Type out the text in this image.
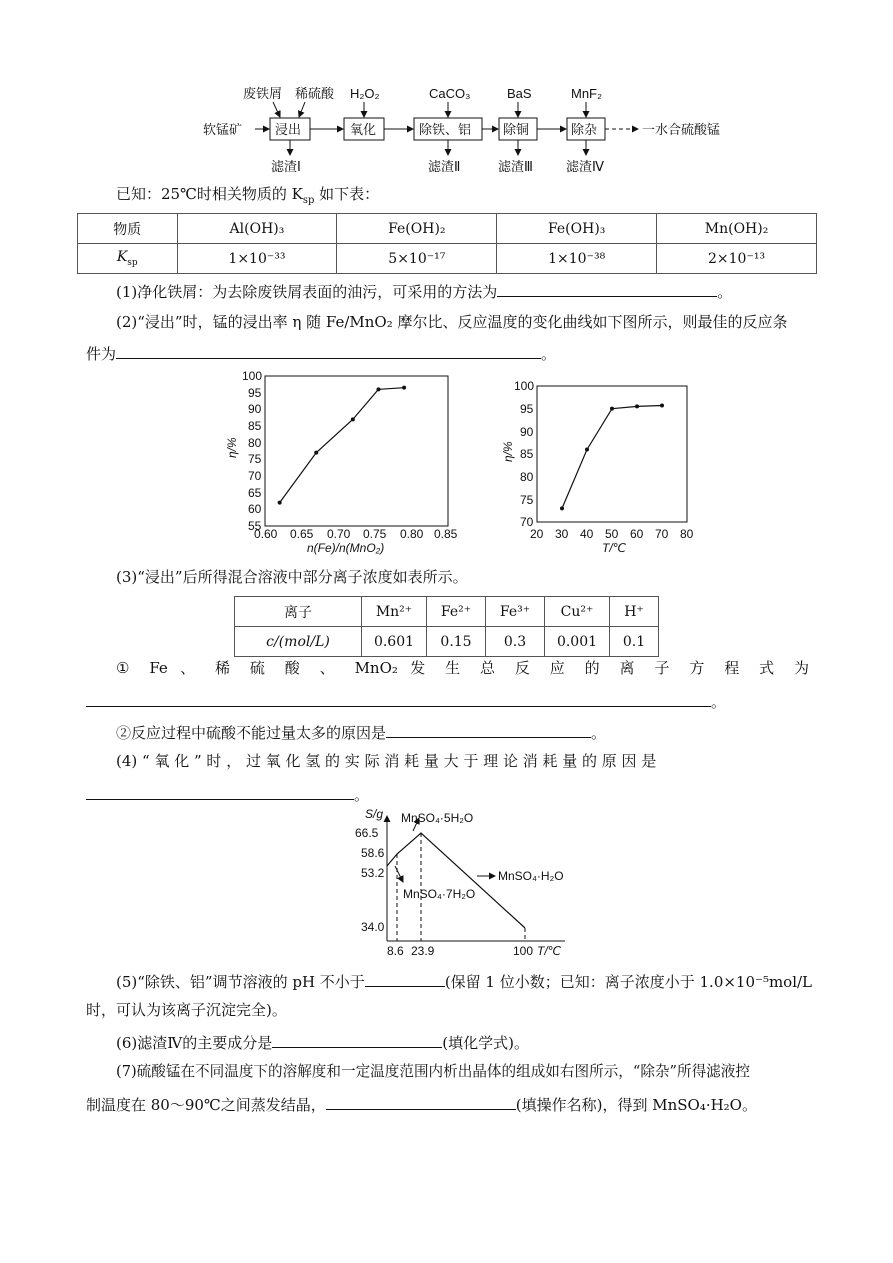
软锰矿	浸出	氧化	除铁、铝 除铜	除杂	一水合硫酸锰
废铁屑 稀硫酸 H₂O₂	CaCO₃	BaS	MnF₂
滤渣Ⅰ	滤渣Ⅱ	滤渣Ⅲ	滤渣Ⅳ
已知：25℃时相关物质的 $K_{sp}$ 如下表：
物质	Al(OH)₃	Fe(OH)₂	Fe(OH)₃	Mn(OH)₂
$K_{sp}$	1×10⁻³³	5×10⁻¹⁷	1×10⁻³⁸	2×10⁻¹³
(1)净化铁屑：为去除废铁屑表面的油污，可采用的方法为	。
(2)“浸出”时，锰的浸出率 η 随 Fe/MnO₂ 摩尔比、反应温度的变化曲线如下图所示，则最佳的反应条
件为	。
100
95
90
85
80
75
70
65
60
55
0.60 0.65 0.70 0.75 0.80 0.85
n(Fe)/n(MnO₂)
η/%
100
95
90
85
80
75
70
20 30 40 50 60 70 80
T/℃
η/%
(3)“浸出”后所得混合溶液中部分离子浓度如表所示。
离子	Mn²⁺	Fe²⁺	Fe³⁺	Cu²⁺	H⁺
c/(mol/L)	0.601	0.15	0.3	0.001	0.1
① Fe 、 稀 硫 酸 、 MnO₂ 发 生 总 反 应 的 离 子 方 程 式 为
。
②反应过程中硫酸不能过量太多的原因是	。
(4) “ 氧 化 ” 时 ， 过 氧 化 氢 的 实 际 消 耗 量 大 于 理 论 消 耗 量 的 原 因 是
。
S/g
66.5
58.6
53.2
34.0
8.6 23.9	100 T/℃
MnSO₄·5H₂O
MnSO₄·7H₂O
MnSO₄·H₂O
(5)“除铁、铝”调节溶液的 pH 不小于	(保留 1 位小数；已知：离子浓度小于 1.0×10⁻⁵mol/L
时，可认为该离子沉淀完全)。
(6)滤渣Ⅳ的主要成分是	(填化学式)。
(7)硫酸锰在不同温度下的溶解度和一定温度范围内析出晶体的组成如右图所示，“除杂”所得滤液控
制温度在 80～90℃之间蒸发结晶，	(填操作名称)，得到 MnSO₄·H₂O。
